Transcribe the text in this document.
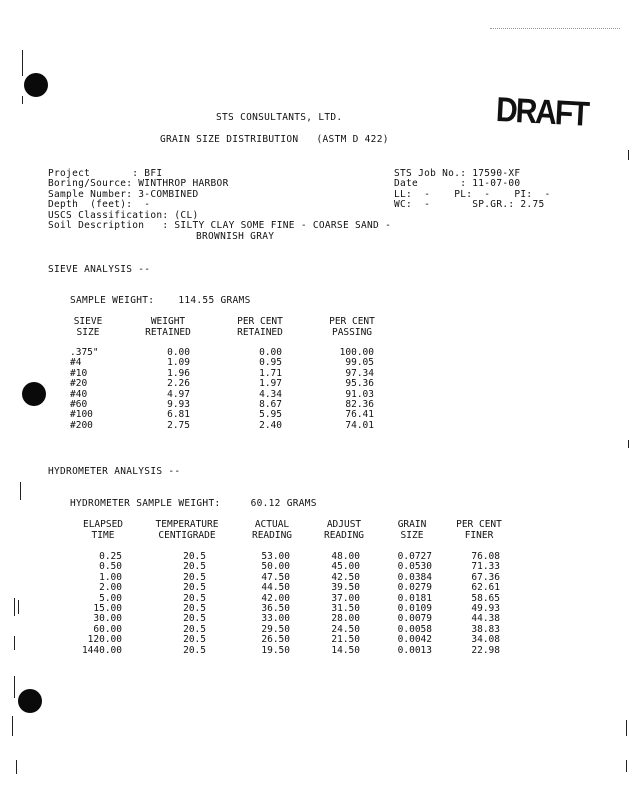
STS CONSULTANTS, LTD.
GRAIN SIZE DISTRIBUTION   (ASTM D 422)
DRAFT
Project       : BFI
Boring/Source: WINTHROP HARBOR
Sample Number: 3-COMBINED
Depth  (feet):  -
USCS Classification: (CL)
Soil Description   : SILTY CLAY SOME FINE - COARSE SAND -
BROWNISH GRAY
STS Job No.: 17590-XF
Date       : 11-07-00
LL:  -    PL:  -    PI:  -
WC:  -       SP.GR.: 2.75
SIEVE ANALYSIS --
SAMPLE WEIGHT:    114.55 GRAMS
SIEVE
SIZE
WEIGHT
RETAINED
PER CENT
RETAINED
PER CENT
PASSING
.375"
#4
#10
#20
#40
#60
#100
#200
0.00
1.09
1.96
2.26
4.97
9.93
6.81
2.75
0.00
0.95
1.71
1.97
4.34
8.67
5.95
2.40
100.00
99.05
97.34
95.36
91.03
82.36
76.41
74.01
HYDROMETER ANALYSIS --
HYDROMETER SAMPLE WEIGHT:     60.12 GRAMS
ELAPSED
TIME
TEMPERATURE
CENTIGRADE
ACTUAL
READING
ADJUST
READING
GRAIN
SIZE
PER CENT
FINER
0.25
0.50
1.00
2.00
5.00
15.00
30.00
60.00
120.00
1440.00
20.5
20.5
20.5
20.5
20.5
20.5
20.5
20.5
20.5
20.5
53.00
50.00
47.50
44.50
42.00
36.50
33.00
29.50
26.50
19.50
48.00
45.00
42.50
39.50
37.00
31.50
28.00
24.50
21.50
14.50
0.0727
0.0530
0.0384
0.0279
0.0181
0.0109
0.0079
0.0058
0.0042
0.0013
76.08
71.33
67.36
62.61
58.65
49.93
44.38
38.83
34.08
22.98
